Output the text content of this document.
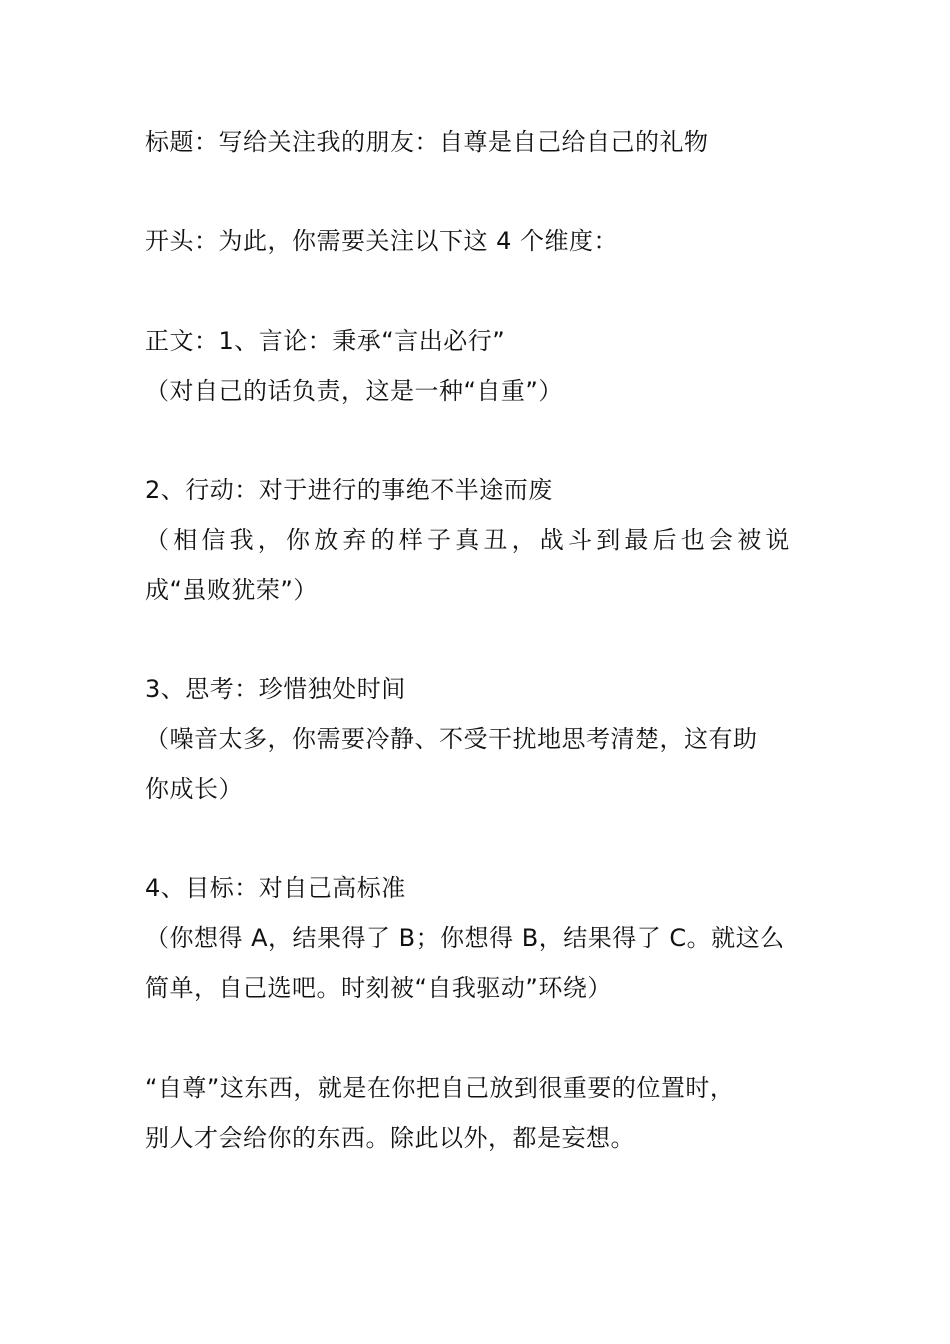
标题：写给关注我的朋友：自尊是自己给自己的礼物
开头：为此，你需要关注以下这 4 个维度：
正文：1、言论：秉承“言出必行”
（对自己的话负责，这是一种“自重”）
2、行动：对于进行的事绝不半途而废
（相信我，你放弃的样子真丑，战斗到最后也会被说
成“虽败犹荣”）
3、思考：珍惜独处时间
（噪音太多，你需要冷静、不受干扰地思考清楚，这有助
你成长）
4、目标：对自己高标准
（你想得 A，结果得了 B；你想得 B，结果得了 C。就这么
简单，自己选吧。时刻被“自我驱动”环绕）
“自尊”这东西，就是在你把自己放到很重要的位置时，
别人才会给你的东西。除此以外，都是妄想。
